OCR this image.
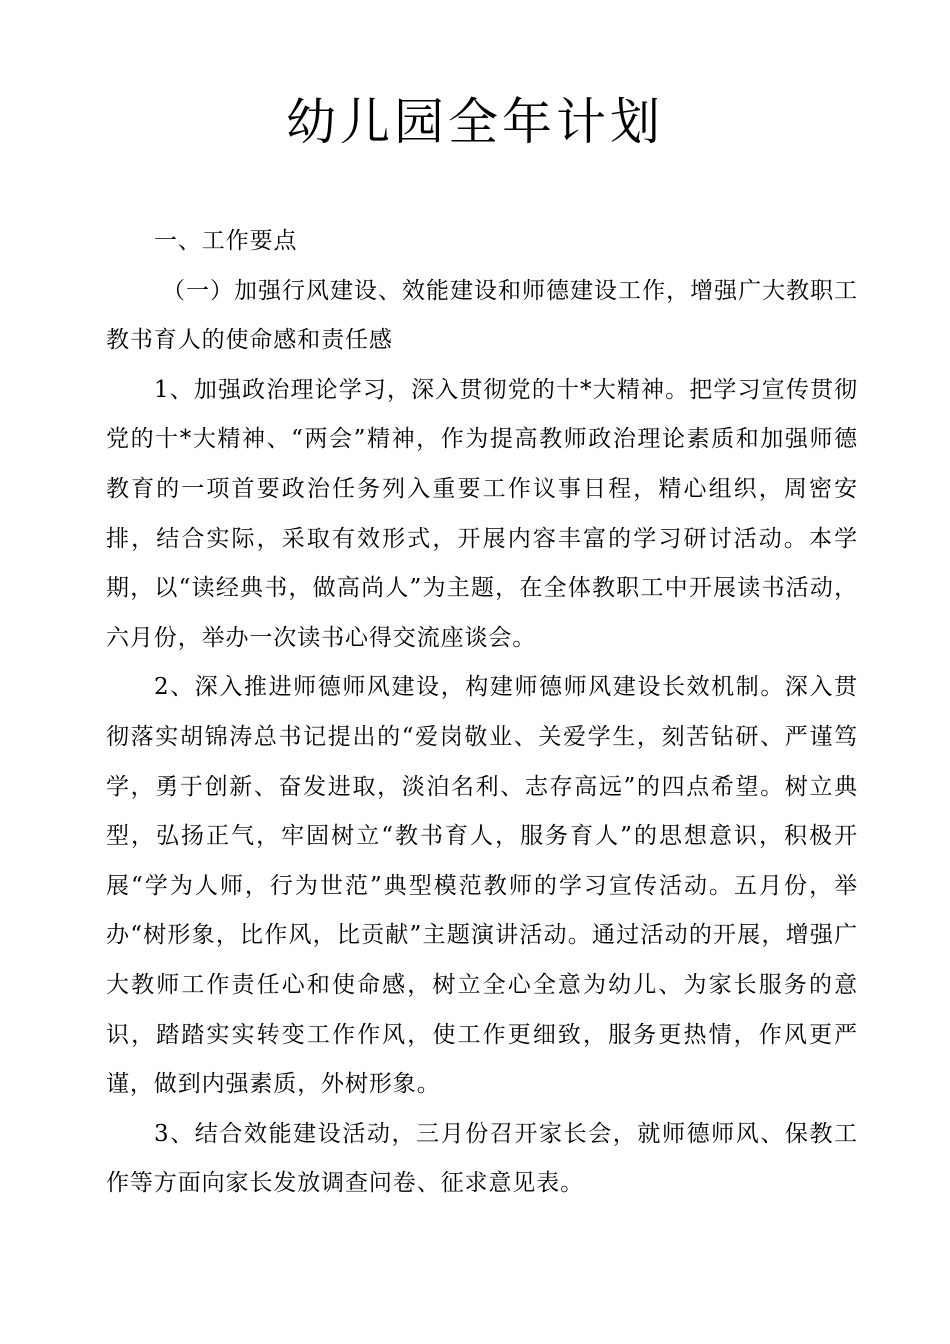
幼儿园全年计划

一、工作要点

（一）加强行风建设、效能建设和师德建设工作，增强广大教职工教书育人的使命感和责任感

1、加强政治理论学习，深入贯彻党的十*大精神。把学习宣传贯彻党的十*大精神、“两会”精神，作为提高教师政治理论素质和加强师德教育的一项首要政治任务列入重要工作议事日程，精心组织，周密安排，结合实际，采取有效形式，开展内容丰富的学习研讨活动。本学期，以“读经典书，做高尚人”为主题，在全体教职工中开展读书活动，六月份，举办一次读书心得交流座谈会。

2、深入推进师德师风建设，构建师德师风建设长效机制。深入贯彻落实胡锦涛总书记提出的“爱岗敬业、关爱学生，刻苦钻研、严谨笃学，勇于创新、奋发进取，淡泊名利、志存高远”的四点希望。树立典型，弘扬正气，牢固树立“教书育人，服务育人”的思想意识，积极开展“学为人师，行为世范”典型模范教师的学习宣传活动。五月份，举办“树形象，比作风，比贡献”主题演讲活动。通过活动的开展，增强广大教师工作责任心和使命感，树立全心全意为幼儿、为家长服务的意识，踏踏实实转变工作作风，使工作更细致，服务更热情，作风更严谨，做到内强素质，外树形象。

3、结合效能建设活动，三月份召开家长会，就师德师风、保教工作等方面向家长发放调查问卷、征求意见表。
